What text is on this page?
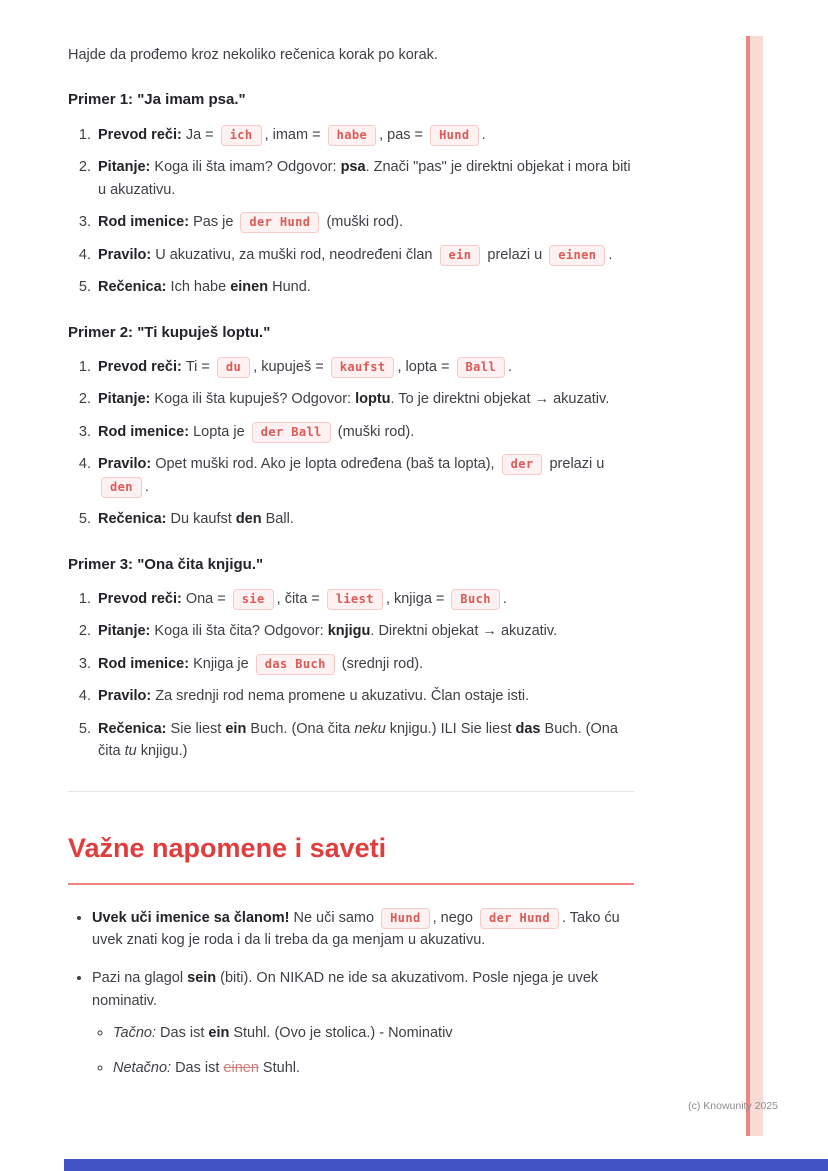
Hajde da prođemo kroz nekoliko rečenica korak po korak.

Primer 1: "Ja imam psa."
1. Prevod reči: Ja = ich , imam = habe , pas = Hund .
2. Pitanje: Koga ili šta imam? Odgovor: psa. Znači "pas" je direktni objekat i mora biti u akuzativu.
3. Rod imenice: Pas je der Hund (muški rod).
4. Pravilo: U akuzativu, za muški rod, neodređeni član ein prelazi u einen .
5. Rečenica: Ich habe einen Hund.
Primer 2: "Ti kupuješ loptu."
1. Prevod reči: Ti = du , kupuješ = kaufst , lopta = Ball .
2. Pitanje: Koga ili šta kupuješ? Odgovor: loptu. To je direktni objekat → akuzativ.
3. Rod imenice: Lopta je der Ball (muški rod).
4. Pravilo: Opet muški rod. Ako je lopta određena (baš ta lopta), der prelazi u den .
5. Rečenica: Du kaufst den Ball.
Primer 3: "Ona čita knjigu."
1. Prevod reči: Ona = sie , čita = liest , knjiga = Buch .
2. Pitanje: Koga ili šta čita? Odgovor: knjigu. Direktni objekat → akuzativ.
3. Rod imenice: Knjiga je das Buch (srednji rod).
4. Pravilo: Za srednji rod nema promene u akuzativu. Član ostaje isti.
5. Rečenica: Sie liest ein Buch. (Ona čita neku knjigu.) ILI Sie liest das Buch. (Ona čita tu knjigu.)
Važne napomene i saveti
• Uvek uči imenice sa članom! Ne uči samo Hund , nego der Hund . Tako ću uvek znati kog je roda i da li treba da ga menjam u akuzativu.
• Pazi na glagol sein (biti). On NIKAD ne ide sa akuzativom. Posle njega je uvek nominativ.
◦ Tačno: Das ist ein Stuhl. (Ovo je stolica.) - Nominativ
◦ Netačno: Das ist einen Stuhl.
(c) Knowunity 2025
